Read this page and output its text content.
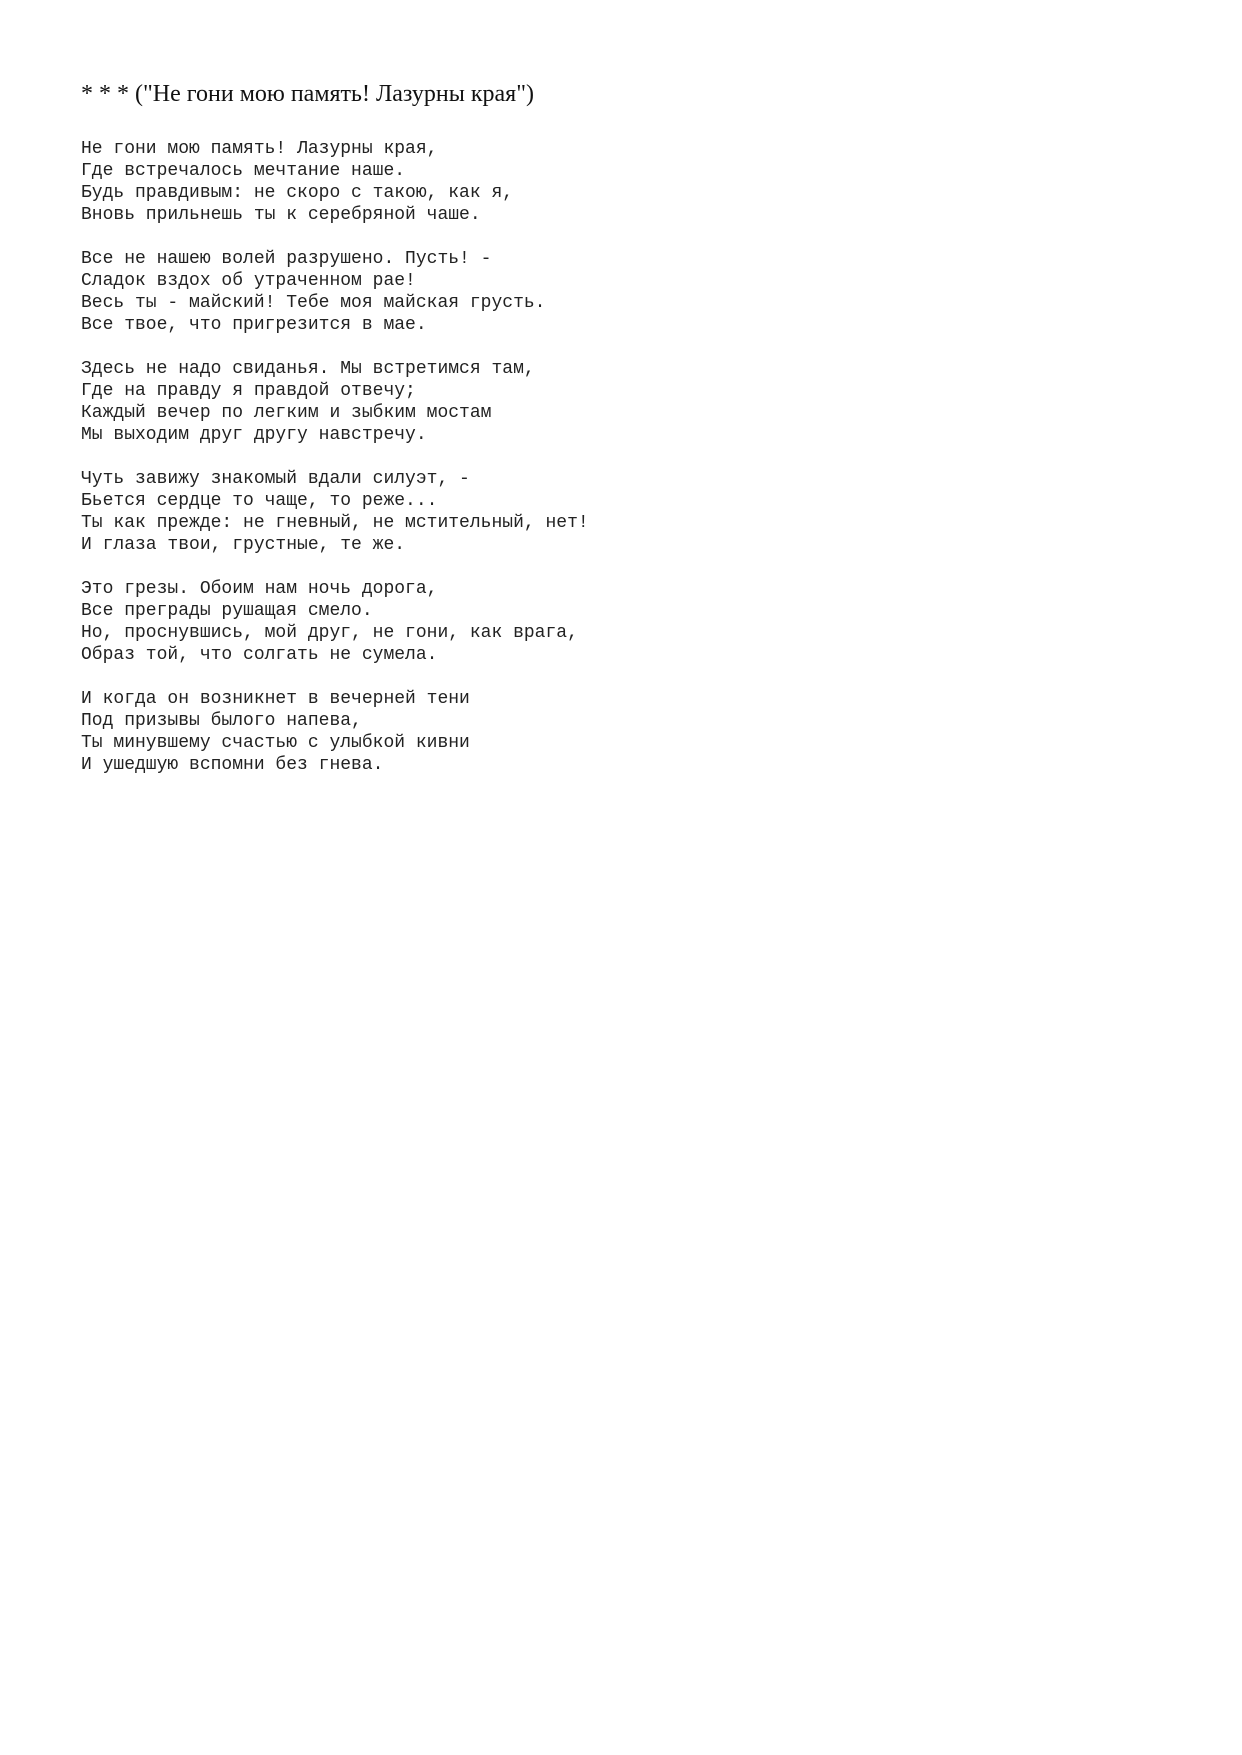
* * * ("Не гони мою память! Лазурны края")
Не гони мою память! Лазурны края,
Где встречалось мечтание наше.
Будь правдивым: не скоро с такою, как я,
Вновь прильнешь ты к серебряной чаше.
Все не нашею волей разрушено. Пусть! -
Сладок вздох об утраченном рае!
Весь ты - майский! Тебе моя майская грусть.
Все твое, что пригрезится в мае.
Здесь не надо свиданья. Мы встретимся там,
Где на правду я правдой отвечу;
Каждый вечер по легким и зыбким мостам
Мы выходим друг другу навстречу.
Чуть завижу знакомый вдали силуэт, -
Бьется сердце то чаще, то реже...
Ты как прежде: не гневный, не мстительный, нет!
И глаза твои, грустные, те же.
Это грезы. Обоим нам ночь дорога,
Все преграды рушащая смело.
Но, проснувшись, мой друг, не гони, как врага,
Образ той, что солгать не сумела.
И когда он возникнет в вечерней тени
Под призывы былого напева,
Ты минувшему счастью с улыбкой кивни
И ушедшую вспомни без гнева.
